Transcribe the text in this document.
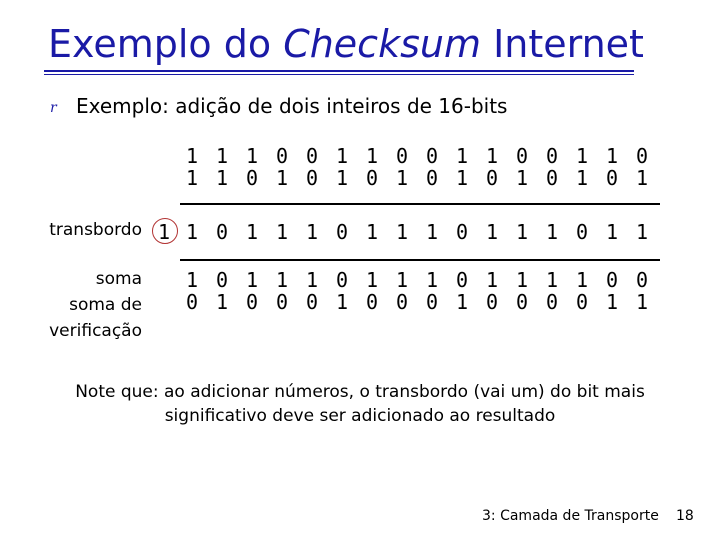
Exemplo do Checksum Internet
r Exemplo: adição de dois inteiros de 16-bits
1 1 1 0 0 1 1 0 0 1 1 0 0 1 1 0
1 1 0 1 0 1 0 1 0 1 0 1 0 1 0 1
transbordo 1 1 0 1 1 1 0 1 1 1 0 1 1 1 0 1 1
soma
soma de
verificação
1 0 1 1 1 0 1 1 1 0 1 1 1 1 0 0
0 1 0 0 0 1 0 0 0 1 0 0 0 0 1 1
Note que: ao adicionar números, o transbordo (vai um) do bit mais significativo deve ser adicionado ao resultado
3: Camada de Transporte 18
